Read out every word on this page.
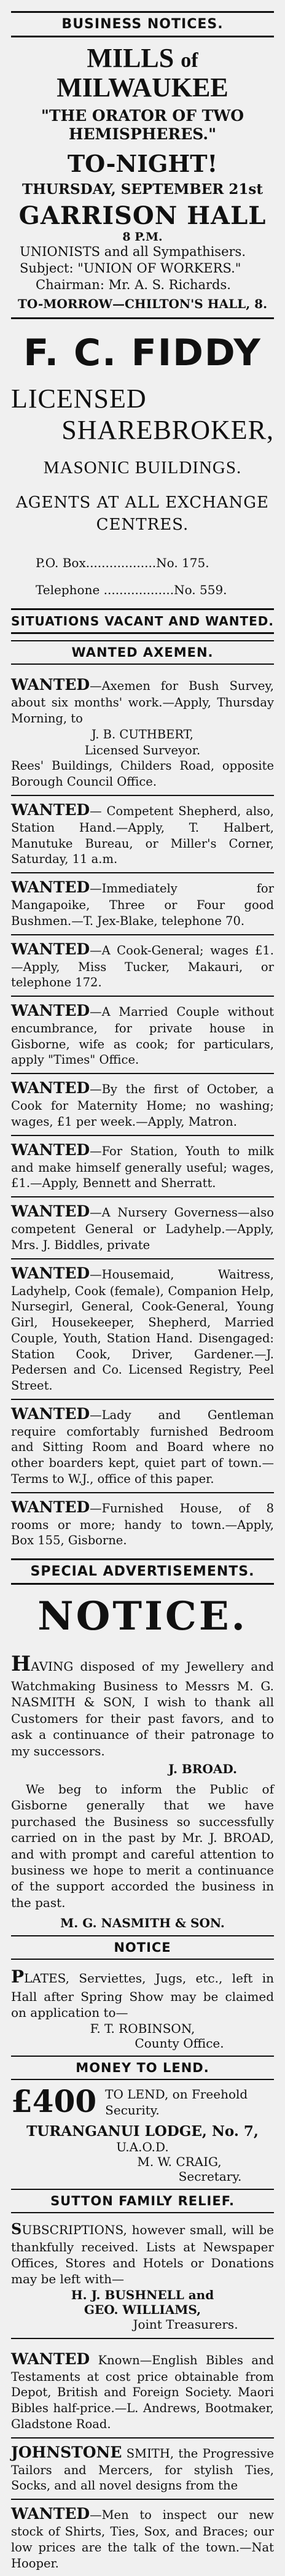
BUSINESS NOTICES.
MILLS of MILWAUKEE
"THE ORATOR OF TWO HEMISPHERES."
TO-NIGHT!
THURSDAY, SEPTEMBER 21st
GARRISON HALL
8 P.M.
UNIONISTS and all Sympathisers.
Subject: "UNION OF WORKERS."
Chairman: Mr. A. S. Richards.
TO-MORROW—CHILTON'S HALL, 8.
F. C. FIDDY
LICENSED
SHAREBROKER,
MASONIC BUILDINGS.
AGENTS AT ALL EXCHANGE CENTRES.
P.O. Box..................No. 175.
Telephone ..................No. 559.
SITUATIONS VACANT AND WANTED.
WANTED AXEMEN.
WANTED—Axemen for Bush Survey, about six months' work.—Apply, Thursday Morning, to
J. B. CUTHBERT,
Licensed Surveyor.
Rees' Buildings, Childers Road, opposite Borough Council Office.
WANTED— Competent Shepherd, also, Station Hand.—Apply, T. Halbert, Manutuke Bureau, or Miller's Corner, Saturday, 11 a.m.
WANTED—Immediately for Mangapoike, Three or Four good Bushmen.—T. Jex-Blake, telephone 70.
WANTED—A Cook-General; wages £1.—Apply, Miss Tucker, Makauri, or telephone 172.
WANTED—A Married Couple without encumbrance, for private house in Gisborne, wife as cook; for particulars, apply "Times" Office.
WANTED—By the first of October, a Cook for Maternity Home; no washing; wages, £1 per week.—Apply, Matron.
WANTED—For Station, Youth to milk and make himself generally useful; wages, £1.—Apply, Bennett and Sherratt.
WANTED—A Nursery Governess—also competent General or Ladyhelp.—Apply, Mrs. J. Biddles, private
WANTED—Housemaid, Waitress, Ladyhelp, Cook (female), Companion Help, Nursegirl, General, Cook-General, Young Girl, Housekeeper, Shepherd, Married Couple, Youth, Station Hand. Disengaged: Station Cook, Driver, Gardener.—J. Pedersen and Co. Licensed Registry, Peel Street.
WANTED—Lady and Gentleman require comfortably furnished Bedroom and Sitting Room and Board where no other boarders kept, quiet part of town.—Terms to W.J., office of this paper.
WANTED—Furnished House, of 8 rooms or more; handy to town.—Apply, Box 155, Gisborne.
SPECIAL ADVERTISEMENTS.
NOTICE.

HAVING disposed of my Jewellery and Watchmaking Business to Messrs M. G. NASMITH & SON, I wish to thank all Customers for their past favors, and to ask a continuance of their patronage to my successors.

J. BROAD.

We beg to inform the Public of Gisborne generally that we have purchased the Business so successfully carried on in the past by Mr. J. BROAD, and with prompt and careful attention to business we hope to merit a continuance of the support accorded the business in the past.

M. G. NASMITH & SON.
NOTICE

PLATES, Serviettes, Jugs, etc., left in Hall after Spring Show may be claimed on application to—

F. T. ROBINSON,
County Office.
MONEY TO LEND.
£400 TO LEND, on Freehold Security.
TURANGANUI LODGE, No. 7,
U.A.O.D.
M. W. CRAIG,
Secretary.
SUTTON FAMILY RELIEF.

SUBSCRIPTIONS, however small, will be thankfully received. Lists at Newspaper Offices, Stores and Hotels or Donations may be left with—

H. J. BUSHNELL and
GEO. WILLIAMS,
Joint Treasurers.
WANTED Known—English Bibles and Testaments at cost price obtainable from Depot, British and Foreign Society. Maori Bibles half-price.—L. Andrews, Bootmaker, Gladstone Road.
JOHNSTONE SMITH, the Progressive Tailors and Mercers, for stylish Ties, Socks, and all novel designs from the
WANTED—Men to inspect our new stock of Shirts, Ties, Sox, and Braces; our low prices are the talk of the town.—Nat Hooper.
